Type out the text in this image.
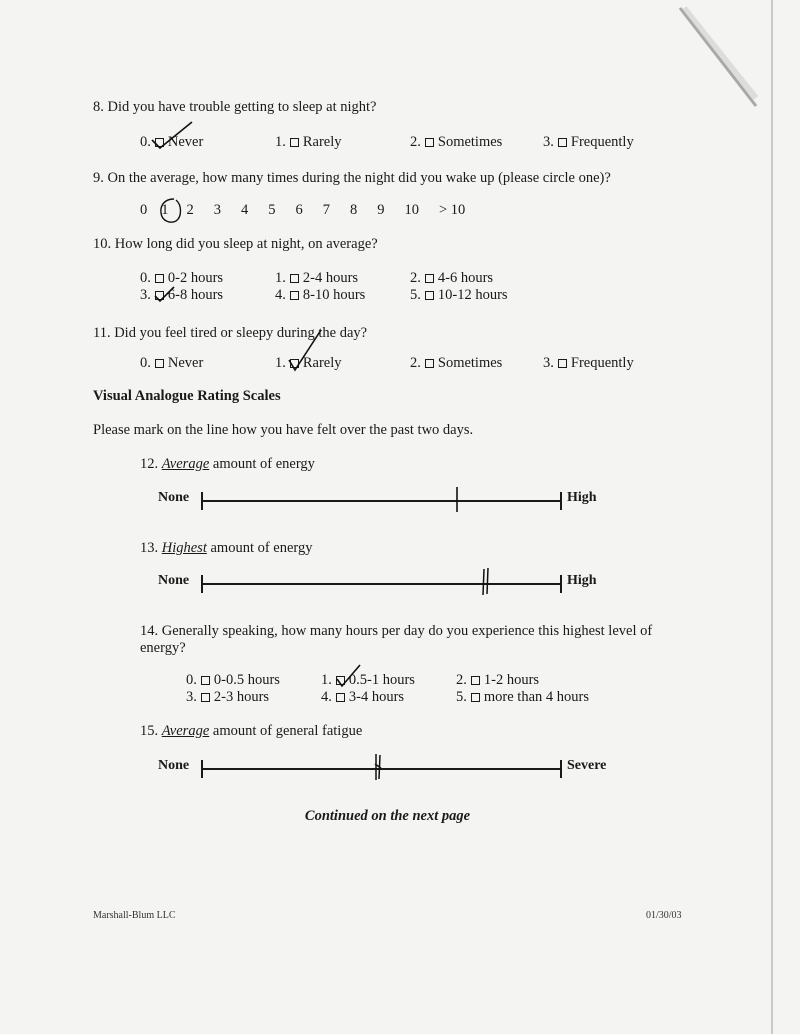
8. Did you have trouble getting to sleep at night?
0. Never	1. Rarely	2. Sometimes	3. Frequently
9. On the average, how many times during the night did you wake up (please circle one)?
0 1 2 3 4 5 6 7 8 9 10 > 10
10. How long did you sleep at night, on average?
0. 0-2 hours	1. 2-4 hours	2. 4-6 hours
3. 6-8 hours	4. 8-10 hours	5. 10-12 hours
11. Did you feel tired or sleepy during the day?
0. Never	1. Rarely	2. Sometimes	3. Frequently
Visual Analogue Rating Scales
Please mark on the line how you have felt over the past two days.
12. Average amount of energy
None	High
13. Highest amount of energy
None	High
14. Generally speaking, how many hours per day do you experience this highest level of
energy?
0. 0-0.5 hours	1. 0.5-1 hours	2. 1-2 hours
3. 2-3 hours	4. 3-4 hours	5. more than 4 hours
15. Average amount of general fatigue
None	Severe
Continued on the next page
Marshall-Blum LLC	01/30/03
